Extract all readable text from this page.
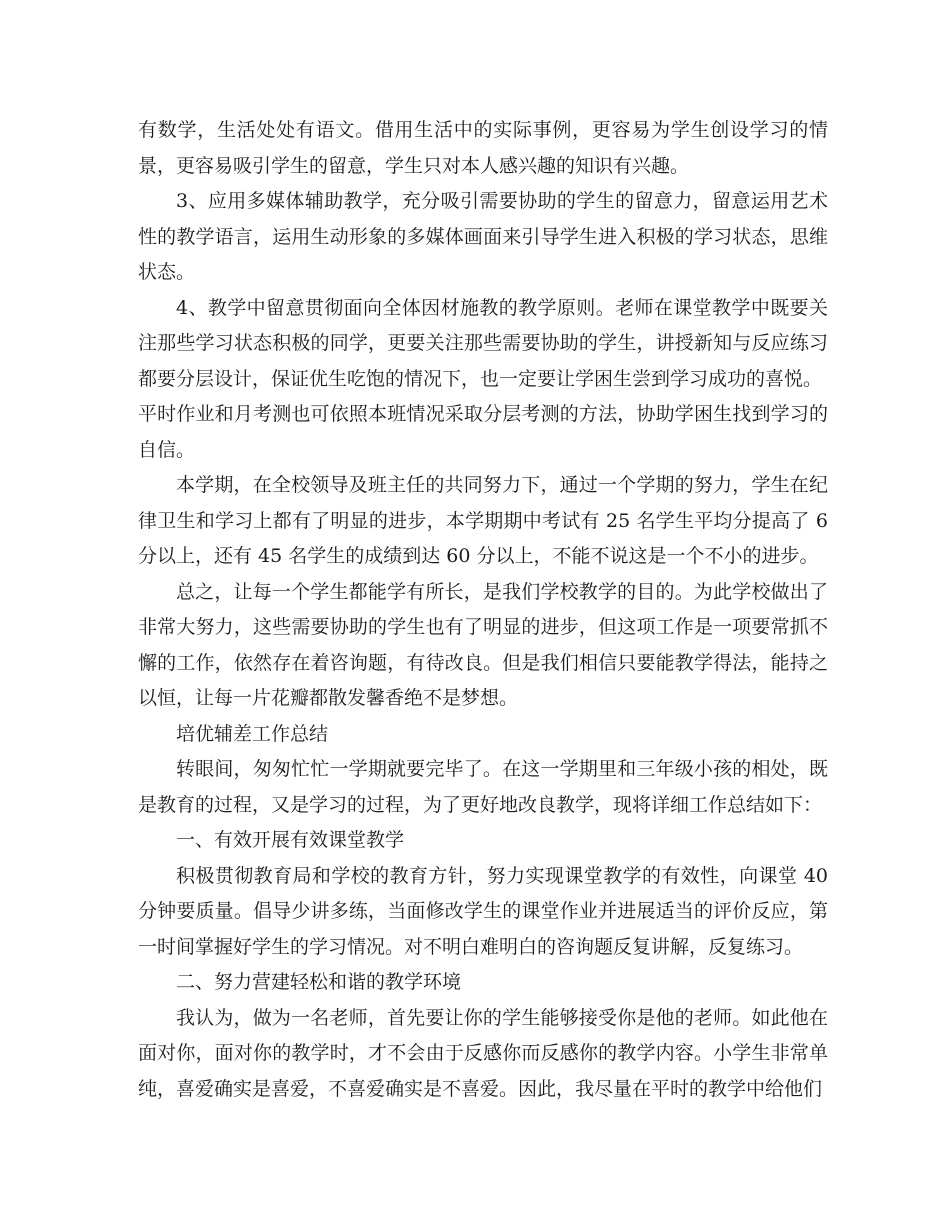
有数学，生活处处有语文。借用生活中的实际事例，更容易为学生创设学习的情景，更容易吸引学生的留意，学生只对本人感兴趣的知识有兴趣。

3、应用多媒体辅助教学，充分吸引需要协助的学生的留意力，留意运用艺术性的教学语言，运用生动形象的多媒体画面来引导学生进入积极的学习状态，思维状态。

4、教学中留意贯彻面向全体因材施教的教学原则。老师在课堂教学中既要关注那些学习状态积极的同学，更要关注那些需要协助的学生，讲授新知与反应练习都要分层设计，保证优生吃饱的情况下，也一定要让学困生尝到学习成功的喜悦。

平时作业和月考测也可依照本班情况采取分层考测的方法，协助学困生找到学习的自信。

本学期，在全校领导及班主任的共同努力下，通过一个学期的努力，学生在纪律卫生和学习上都有了明显的进步，本学期期中考试有 25 名学生平均分提高了 6 分以上，还有 45 名学生的成绩到达 60 分以上，不能不说这是一个不小的进步。

总之，让每一个学生都能学有所长，是我们学校教学的目的。为此学校做出了非常大努力，这些需要协助的学生也有了明显的进步，但这项工作是一项要常抓不懈的工作，依然存在着咨询题，有待改良。但是我们相信只要能教学得法，能持之以恒，让每一片花瓣都散发馨香绝不是梦想。

培优辅差工作总结

转眼间，匆匆忙忙一学期就要完毕了。在这一学期里和三年级小孩的相处，既是教育的过程，又是学习的过程，为了更好地改良教学，现将详细工作总结如下：

一、有效开展有效课堂教学

积极贯彻教育局和学校的教育方针，努力实现课堂教学的有效性，向课堂 40 分钟要质量。倡导少讲多练，当面修改学生的课堂作业并进展适当的评价反应，第一时间掌握好学生的学习情况。对不明白难明白的咨询题反复讲解，反复练习。

二、努力营建轻松和谐的教学环境

我认为，做为一名老师，首先要让你的学生能够接受你是他的老师。如此他在面对你，面对你的教学时，才不会由于反感你而反感你的教学内容。小学生非常单纯，喜爱确实是喜爱，不喜爱确实是不喜爱。因此，我尽量在平时的教学中给他们
